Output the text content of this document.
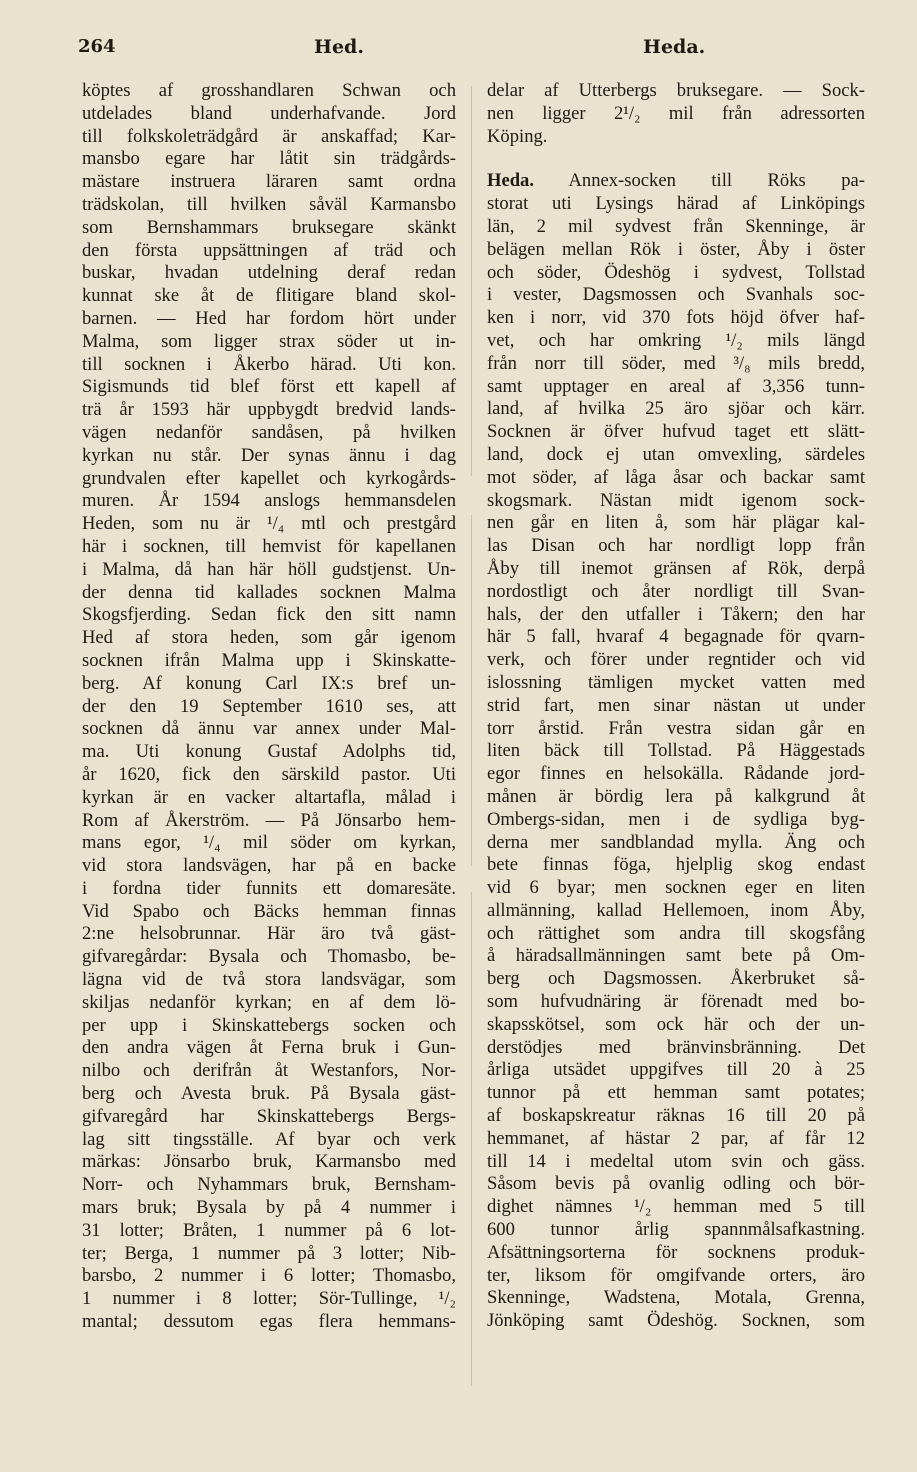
264	Hed.	Heda.
köptes af grosshandlaren Schwan och
utdelades bland underhafvande. Jord
till folkskoleträdgård är anskaffad; Kar-
mansbo egare har låtit sin trädgårds-
mästare instruera läraren samt ordna
trädskolan, till hvilken såväl Karmansbo
som Bernshammars bruksegare skänkt
den första uppsättningen af träd och
buskar, hvadan utdelning deraf redan
kunnat ske åt de flitigare bland skol-
barnen. — Hed har fordom hört under
Malma, som ligger strax söder ut in-
till socknen i Åkerbo härad. Uti kon.
Sigismunds tid blef först ett kapell af
trä år 1593 här uppbygdt bredvid lands-
vägen nedanför sandåsen, på hvilken
kyrkan nu står. Der synas ännu i dag
grundvalen efter kapellet och kyrkogårds-
muren. År 1594 anslogs hemmansdelen
Heden, som nu är ¹/₄ mtl och prestgård
här i socknen, till hemvist för kapellanen
i Malma, då han här höll gudstjenst. Un-
der denna tid kallades socknen Malma
Skogsfjerding. Sedan fick den sitt namn
Hed af stora heden, som går igenom
socknen ifrån Malma upp i Skinskatte-
berg. Af konung Carl IX:s bref un-
der den 19 September 1610 ses, att
socknen då ännu var annex under Mal-
ma. Uti konung Gustaf Adolphs tid,
år 1620, fick den särskild pastor. Uti
kyrkan är en vacker altartafla, målad i
Rom af Åkerström. — På Jönsarbo hem-
mans egor, ¹/₄ mil söder om kyrkan,
vid stora landsvägen, har på en backe
i fordna tider funnits ett domaresäte.
Vid Spabo och Bäcks hemman finnas
2:ne helsobrunnar. Här äro två gäst-
gifvaregårdar: Bysala och Thomasbo, be-
lägna vid de två stora landsvägar, som
skiljas nedanför kyrkan; en af dem lö-
per upp i Skinskattebergs socken och
den andra vägen åt Ferna bruk i Gun-
nilbo och derifrån åt Westanfors, Nor-
berg och Avesta bruk. På Bysala gäst-
gifvaregård har Skinskattebergs Bergs-
lag sitt tingsställe. Af byar och verk
märkas: Jönsarbo bruk, Karmansbo med
Norr- och Nyhammars bruk, Bernsham-
mars bruk; Bysala by på 4 nummer i
31 lotter; Bråten, 1 nummer på 6 lot-
ter; Berga, 1 nummer på 3 lotter; Nib-
barsbo, 2 nummer i 6 lotter; Thomasbo,
1 nummer i 8 lotter; Sör-Tullinge, ¹/₂
mantal; dessutom egas flera hemmans-
delar af Utterbergs bruksegare. — Sock-
nen ligger 2¹/₂ mil från adressorten
Köping.
Heda. Annex-socken till Röks pa-
storat uti Lysings härad af Linköpings
län, 2 mil sydvest från Skenninge, är
belägen mellan Rök i öster, Åby i öster
och söder, Ödeshög i sydvest, Tollstad
i vester, Dagsmossen och Svanhals soc-
ken i norr, vid 370 fots höjd öfver haf-
vet, och har omkring ¹/₂ mils längd
från norr till söder, med ³/₈ mils bredd,
samt upptager en areal af 3,356 tunn-
land, af hvilka 25 äro sjöar och kärr.
Socknen är öfver hufvud taget ett slätt-
land, dock ej utan omvexling, särdeles
mot söder, af låga åsar och backar samt
skogsmark. Nästan midt igenom sock-
nen går en liten å, som här plägar kal-
las Disan och har nordligt lopp från
Åby till inemot gränsen af Rök, derpå
nordostligt och åter nordligt till Svan-
hals, der den utfaller i Tåkern; den har
här 5 fall, hvaraf 4 begagnade för qvarn-
verk, och förer under regntider och vid
islossning tämligen mycket vatten med
strid fart, men sinar nästan ut under
torr årstid. Från vestra sidan går en
liten bäck till Tollstad. På Häggestads
egor finnes en helsokälla. Rådande jord-
månen är bördig lera på kalkgrund åt
Ombergs-sidan, men i de sydliga byg-
derna mer sandblandad mylla. Äng och
bete finnas föga, hjelplig skog endast
vid 6 byar; men socknen eger en liten
allmänning, kallad Hellemoen, inom Åby,
och rättighet som andra till skogsfång
å häradsallmänningen samt bete på Om-
berg och Dagsmossen. Åkerbruket så-
som hufvudnäring är förenadt med bo-
skapsskötsel, som ock här och der un-
derstödjes med bränvinsbränning. Det
årliga utsädet uppgifves till 20 à 25
tunnor på ett hemman samt potates;
af boskapskreatur räknas 16 till 20 på
hemmanet, af hästar 2 par, af får 12
till 14 i medeltal utom svin och gäss.
Såsom bevis på ovanlig odling och bör-
dighet nämnes ¹/₂ hemman med 5 till
600 tunnor årlig spannmålsafkastning.
Afsättningsorterna för socknens produk-
ter, liksom för omgifvande orters, äro
Skenninge, Wadstena, Motala, Grenna,
Jönköping samt Ödeshög. Socknen, som
